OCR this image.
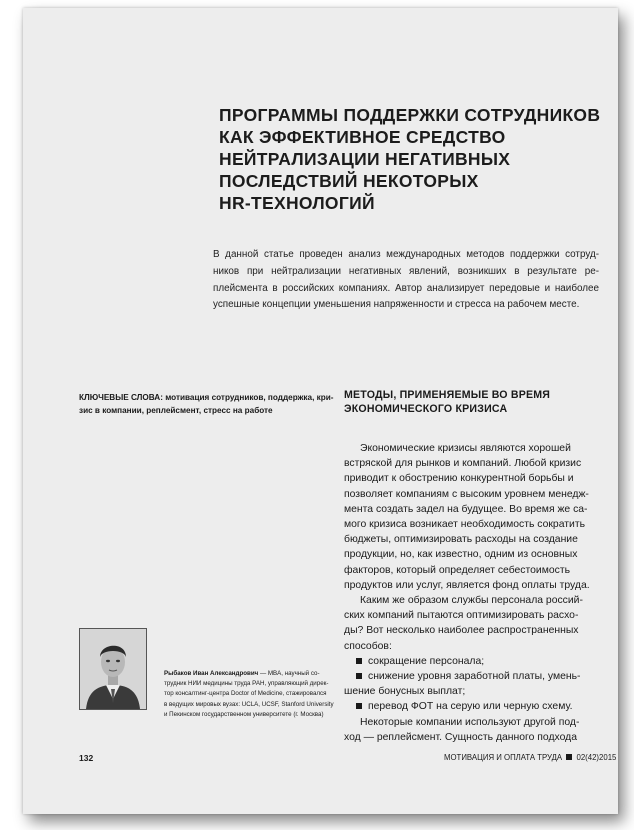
ПРОГРАММЫ ПОДДЕРЖКИ СОТРУДНИКОВ
КАК ЭФФЕКТИВНОЕ СРЕДСТВО
НЕЙТРАЛИЗАЦИИ НЕГАТИВНЫХ
ПОСЛЕДСТВИЙ НЕКОТОРЫХ
HR-ТЕХНОЛОГИЙ
В данной статье проведен анализ международных методов поддержки сотруд-
ников при нейтрализации негативных явлений, возникших в результате ре-
плейсмента в российских компаниях. Автор анализирует передовые и наиболее
успешные концепции уменьшения напряженности и стресса на рабочем месте.
КЛЮЧЕВЫЕ СЛОВА: мотивация сотрудников, поддержка, кри-
зис в компании, реплейсмент, стресс на работе
МЕТОДЫ, ПРИМЕНЯЕМЫЕ ВО ВРЕМЯ
ЭКОНОМИЧЕСКОГО КРИЗИСА
Экономические кризисы являются хорошей
встряской для рынков и компаний. Любой кризис
приводит к обострению конкурентной борьбы и
позволяет компаниям с высоким уровнем менедж-
мента создать задел на будущее. Во время же са-
мого кризиса возникает необходимость сократить
бюджеты, оптимизировать расходы на создание
продукции, но, как известно, одним из основных
факторов, который определяет себестоимость
продуктов или услуг, является фонд оплаты труда.
Каким же образом службы персонала россий-
ских компаний пытаются оптимизировать расхо-
ды? Вот несколько наиболее распространенных
способов:
сокращение персонала;
снижение уровня заработной платы, умень-
шение бонусных выплат;
перевод ФОТ на серую или черную схему.
Некоторые компании используют другой под-
ход — реплейсмент. Сущность данного подхода
Рыбаков Иван Александрович — MBA, научный со-
трудник НИИ медицины труда РАН, управляющий дирек-
тор консалтинг-центра Doctor of Medicine, стажировался
в ведущих мировых вузах: UCLA, UCSF, Stanford University
и Пекинском государственном университете (г. Москва)
132	МОТИВАЦИЯ И ОПЛАТА ТРУДА 02(42)2015
